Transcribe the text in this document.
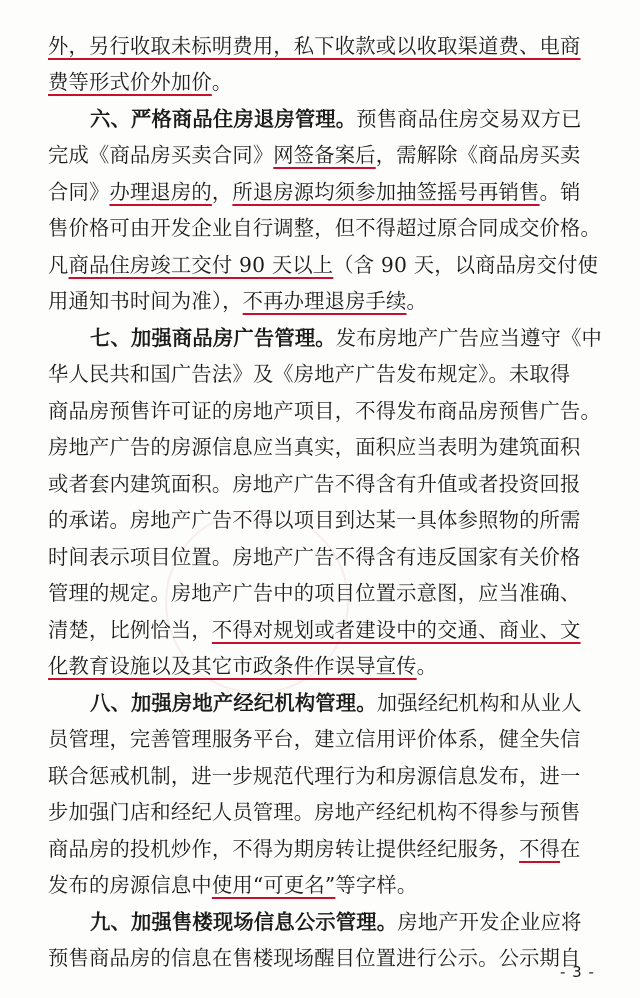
外，另行收取未标明费用，私下收款或以收取渠道费、电商
费等形式价外加价。
六、严格商品住房退房管理。预售商品住房交易双方已
完成《商品房买卖合同》网签备案后，需解除《商品房买卖
合同》办理退房的，所退房源均须参加抽签摇号再销售。销
售价格可由开发企业自行调整，但不得超过原合同成交价格。
凡商品住房竣工交付 90 天以上（含 90 天，以商品房交付使
用通知书时间为准），不再办理退房手续。
七、加强商品房广告管理。发布房地产广告应当遵守《中
华人民共和国广告法》及《房地产广告发布规定》。未取得
商品房预售许可证的房地产项目，不得发布商品房预售广告。
房地产广告的房源信息应当真实，面积应当表明为建筑面积
或者套内建筑面积。房地产广告不得含有升值或者投资回报
的承诺。房地产广告不得以项目到达某一具体参照物的所需
时间表示项目位置。房地产广告不得含有违反国家有关价格
管理的规定。房地产广告中的项目位置示意图，应当准确、
清楚，比例恰当，不得对规划或者建设中的交通、商业、文
化教育设施以及其它市政条件作误导宣传。
八、加强房地产经纪机构管理。加强经纪机构和从业人
员管理，完善管理服务平台，建立信用评价体系，健全失信
联合惩戒机制，进一步规范代理行为和房源信息发布，进一
步加强门店和经纪人员管理。房地产经纪机构不得参与预售
商品房的投机炒作，不得为期房转让提供经纪服务，不得在
发布的房源信息中使用“可更名”等字样。
九、加强售楼现场信息公示管理。房地产开发企业应将
预售商品房的信息在售楼现场醒目位置进行公示。公示期自
- 3 -
